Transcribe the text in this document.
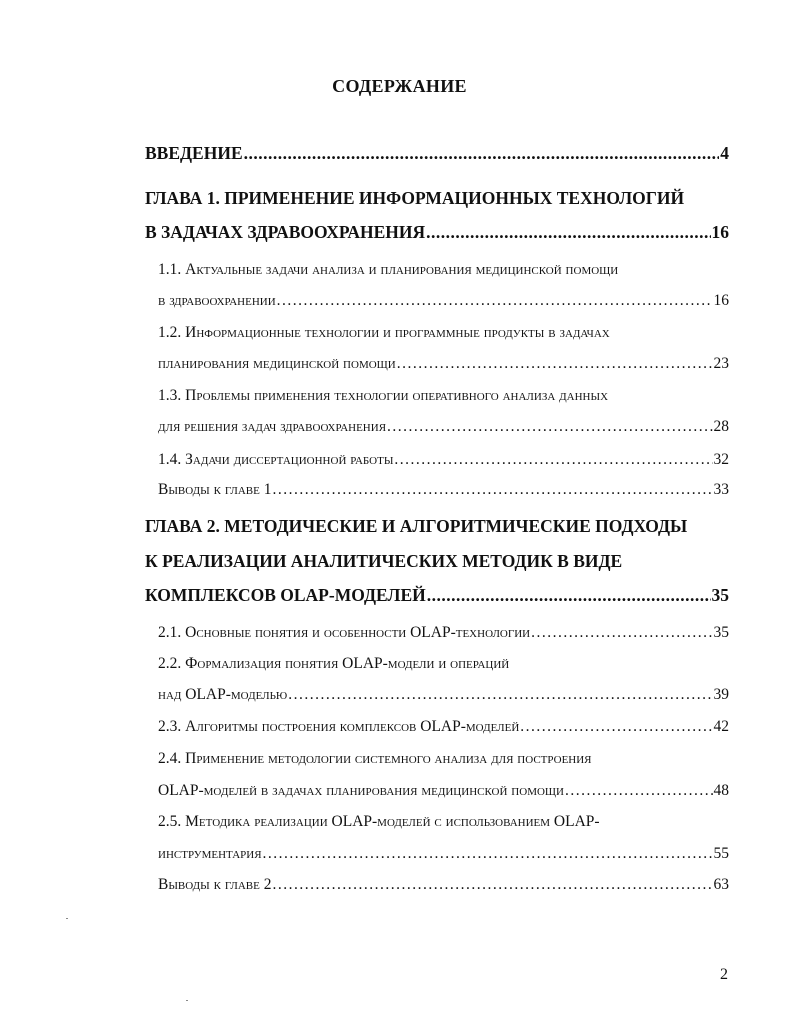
СОДЕРЖАНИЕ
ВВЕДЕНИЕ .....	4
ГЛАВА 1. ПРИМЕНЕНИЕ ИНФОРМАЦИОННЫХ ТЕХНОЛОГИЙ
В ЗАДАЧАХ ЗДРАВООХРАНЕНИЯ .....	16
1.1. Актуальные задачи анализа и планирования медицинской помощи
в здравоохранении .....	16
1.2. Информационные технологии и программные продукты в задачах
планирования медицинской помощи .....	23
1.3. Проблемы применения технологии оперативного анализа данных
для решения задач здравоохранения .....	28
1.4. Задачи диссертационной работы .....	32
Выводы к главе 1 .....	33
ГЛАВА 2. МЕТОДИЧЕСКИЕ И АЛГОРИТМИЧЕСКИЕ ПОДХОДЫ
К РЕАЛИЗАЦИИ АНАЛИТИЧЕСКИХ МЕТОДИК В ВИДЕ
КОМПЛЕКСОВ OLAP-МОДЕЛЕЙ .....	35
2.1. Основные понятия и особенности OLAP-технологии .....	35
2.2. Формализация понятия OLAP-модели и операций
над OLAP-моделью .....	39
2.3. Алгоритмы построения комплексов OLAP-моделей .....	42
2.4. Применение методологии системного анализа для построения
OLAP-моделей в задачах планирования медицинской помощи .....	48
2.5. Методика реализации OLAP-моделей с использованием OLAP-
инструментария .....	55
Выводы к главе 2 .....	63
2
